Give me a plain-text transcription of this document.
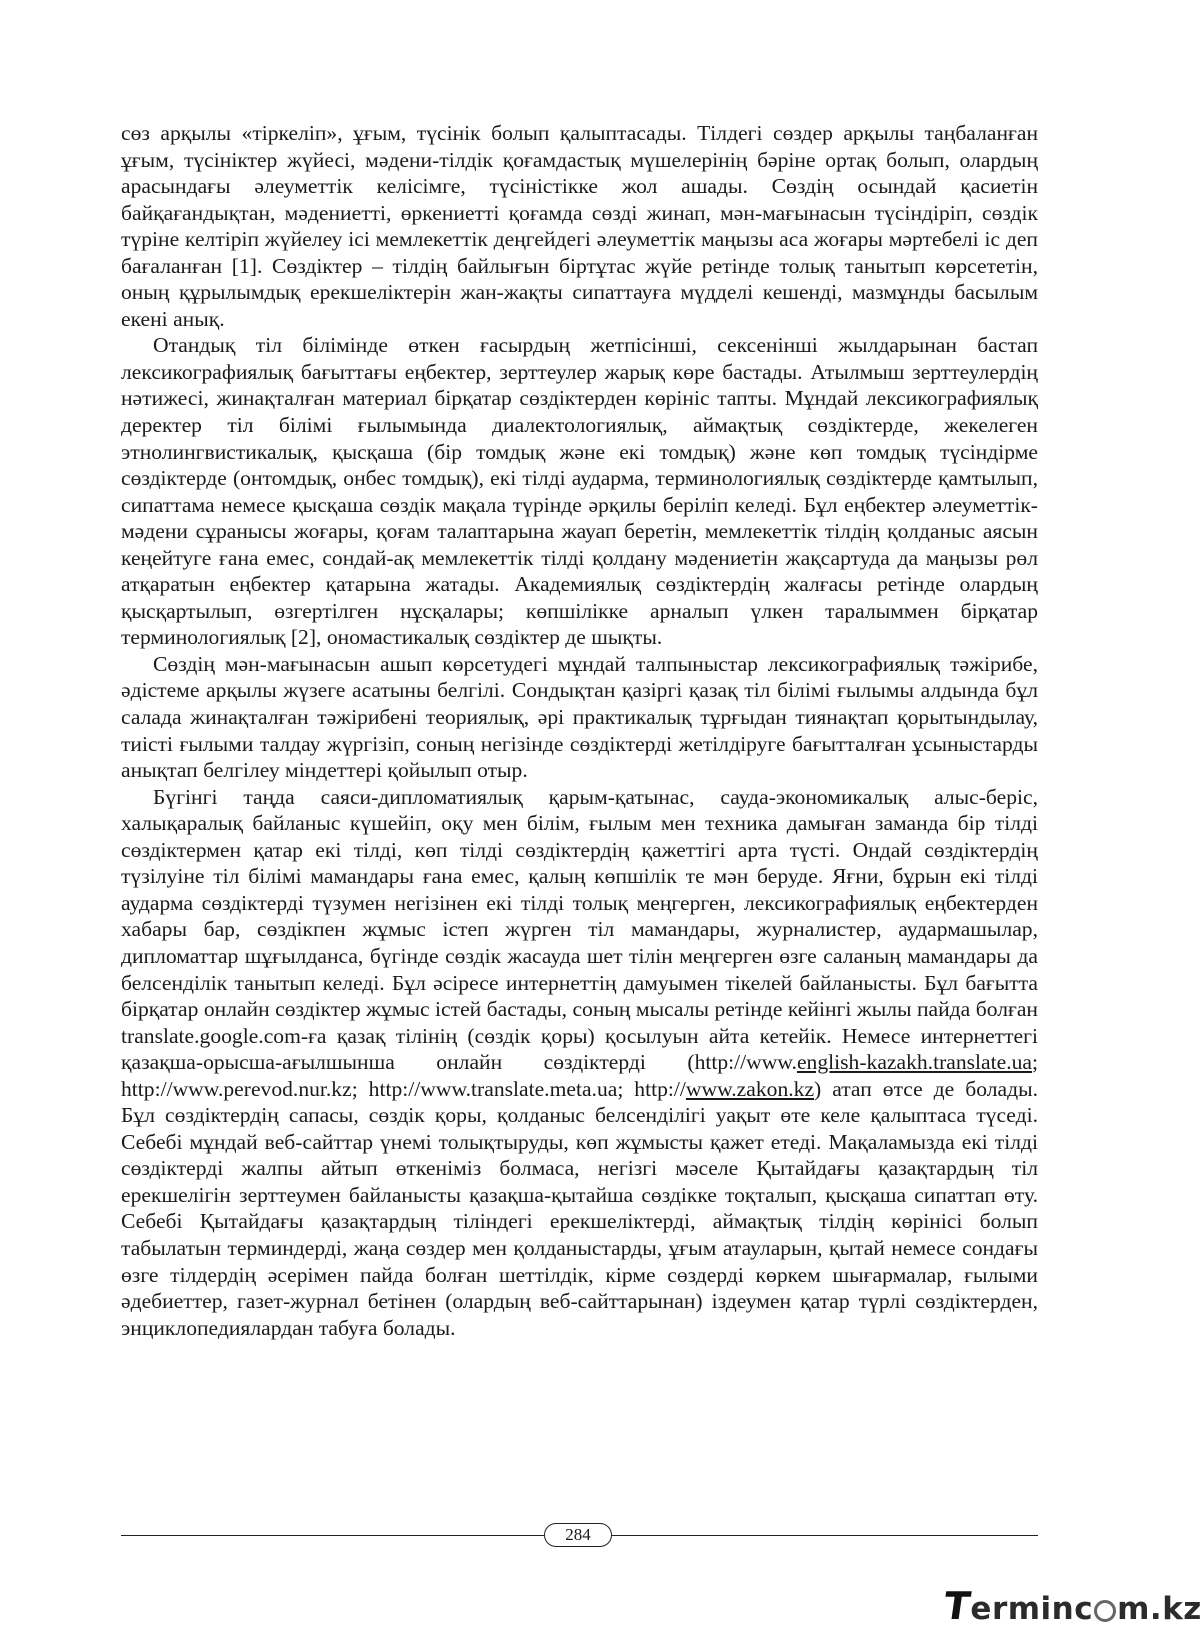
сөз арқылы «тіркеліп», ұғым, түсінік болып қалыптасады. Тілдегі сөздер арқылы таңбаланған ұғым, түсініктер жүйесі, мәдени-тілдік қоғамдастық мүшелерінің бәріне ортақ болып, олардың арасындағы әлеуметтік келісімге, түсіністікке жол ашады. Сөздің осындай қасиетін байқағандықтан, мәдениетті, өркениетті қоғамда сөзді жинап, мән-мағынасын түсіндіріп, сөздік түріне келтіріп жүйелеу ісі мемлекеттік деңгейдегі әлеуметтік маңызы аса жоғары мәртебелі іс деп бағаланған [1]. Сөздіктер – тілдің байлығын біртұтас жүйе ретінде толық танытып көрсететін, оның құрылымдық ерекшеліктерін жан-жақты сипаттауға мүдделі кешенді, мазмұнды басылым екені анық.

Отандық тіл білімінде өткен ғасырдың жетпісінші, сексенінші жылдарынан бастап лексикографиялық бағыттағы еңбектер, зерттеулер жарық көре бастады. Атылмыш зерттеулердің нәтижесі, жинақталған материал бірқатар сөздіктерден көрініс тапты. Мұндай лексикографиялық деректер тіл білімі ғылымында диалектологиялық, аймақтық сөздіктерде, жекелеген этнолингвистикалық, қысқаша (бір томдық және екі томдық) және көп томдық түсіндірме сөздіктерде (онтомдық, онбес томдық), екі тілді аударма, терминологиялық сөздіктерде қамтылып, сипаттама немесе қысқаша сөздік мақала түрінде әрқилы беріліп келеді. Бұл еңбектер әлеуметтік-мәдени сұранысы жоғары, қоғам талаптарына жауап беретін, мемлекеттік тілдің қолданыс аясын кеңейтуге ғана емес, сондай-ақ мемлекеттік тілді қолдану мәдениетін жақсартуда да маңызы рөл атқаратын еңбектер қатарына жатады. Академиялық сөздіктердің жалғасы ретінде олардың қысқартылып, өзгертілген нұсқалары; көпшілікке арналып үлкен таралыммен бірқатар терминологиялық [2], ономастикалық сөздіктер де шықты.

Сөздің мән-мағынасын ашып көрсетудегі мұндай талпыныстар лексикографиялық тәжірибе, әдістеме арқылы жүзеге асатыны белгілі. Сондықтан қазіргі қазақ тіл білімі ғылымы алдында бұл салада жинақталған тәжірибені теориялық, әрі практикалық тұрғыдан тиянақтап қорытындылау, тиісті ғылыми талдау жүргізіп, соның негізінде сөздіктерді жетілдіруге бағытталған ұсыныстарды анықтап белгілеу міндеттері қойылып отыр.

Бүгінгі таңда саяси-дипломатиялық қарым-қатынас, сауда-экономикалық алыс-беріс, халықаралық байланыс күшейіп, оқу мен білім, ғылым мен техника дамыған заманда бір тілді сөздіктермен қатар екі тілді, көп тілді сөздіктердің қажеттігі арта түсті. Ондай сөздіктердің түзілуіне тіл білімі мамандары ғана емес, қалың көпшілік те мән беруде. Яғни, бұрын екі тілді аударма сөздіктерді түзумен негізінен екі тілді толық меңгерген, лексикографиялық еңбектерден хабары бар, сөздікпен жұмыс істеп жүрген тіл мамандары, журналистер, аудармашылар, дипломаттар шұғылданса, бүгінде сөздік жасауда шет тілін меңгерген өзге саланың мамандары да белсенділік танытып келеді. Бұл әсіресе интернеттің дамуымен тікелей байланысты. Бұл бағытта бірқатар онлайн сөздіктер жұмыс істей бастады, соның мысалы ретінде кейінгі жылы пайда болған translate.google.com-ға қазақ тілінің (сөздік қоры) қосылуын айта кетейік. Немесе интернеттегі қазақша-орысша-ағылшынша онлайн сөздіктерді (http://www.english-kazakh.translate.ua; http://www.perevod.nur.kz; http://www.translate.meta.ua; http://www.zakon.kz) атап өтсе де болады. Бұл сөздіктердің сапасы, сөздік қоры, қолданыс белсенділігі уақыт өте келе қалыптаса түседі. Себебі мұндай веб-сайттар үнемі толықтыруды, көп жұмысты қажет етеді. Мақаламызда екі тілді сөздіктерді жалпы айтып өткеніміз болмаса, негізгі мәселе Қытайдағы қазақтардың тіл ерекшелігін зерттеумен байланысты қазақша-қытайша сөздікке тоқталып, қысқаша сипаттап өту. Себебі Қытайдағы қазақтардың тіліндегі ерекшеліктерді, аймақтық тілдің көрінісі болып табылатын терминдерді, жаңа сөздер мен қолданыстарды, ұғым атауларын, қытай немесе сондағы өзге тілдердің әсерімен пайда болған шеттілдік, кірме сөздерді көркем шығармалар, ғылыми әдебиеттер, газет-журнал бетінен (олардың веб-сайттарынан) іздеумен қатар түрлі сөздіктерден, энциклопедиялардан табуға болады.

284
Terminc m.kz
